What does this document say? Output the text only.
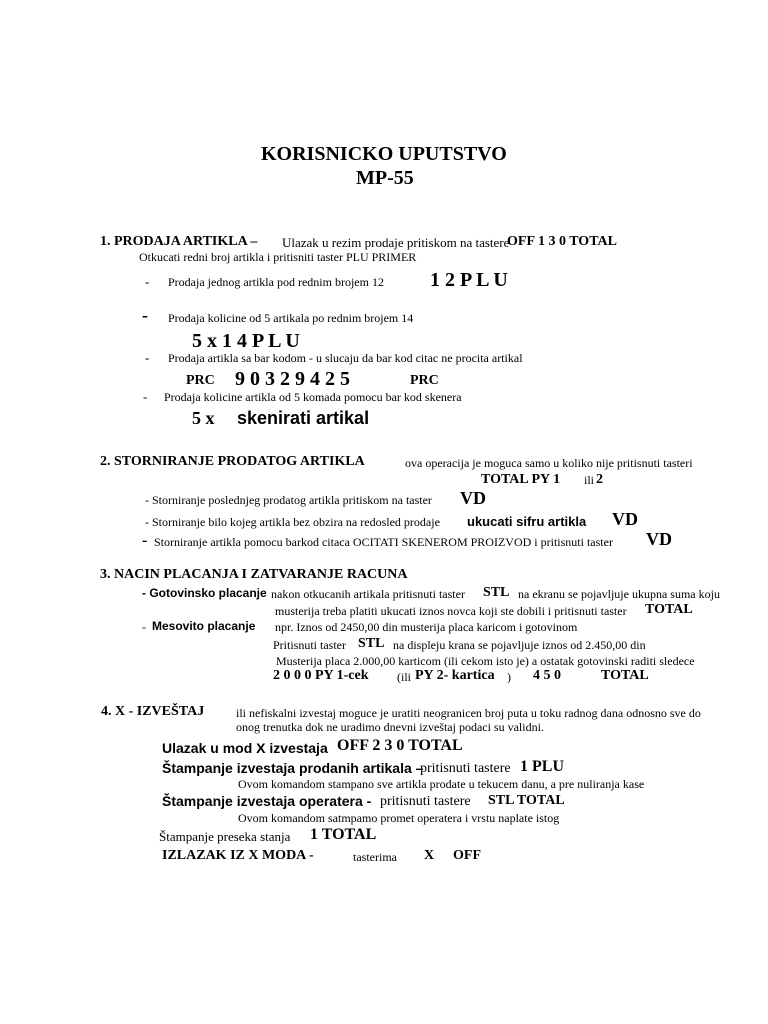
KORISNICKO UPUTSTVO
MP-55
1. PRODAJA ARTIKLA – Ulazak u rezim prodaje pritiskom na tastere
OFF 1 3 0 TOTAL
Otkucati redni broj artikla i pritisniti taster PLU PRIMER
- Prodaja jednog artikla pod rednim brojem 12 1 2 P L U
- Prodaja kolicine od 5 artikala po rednim brojem 14
5 x 1 4 P L U
- Prodaja artikla sa bar kodom - u slucaju da bar kod citac ne procita artikal
PRC 9 0 3 2 9 4 2 5	PRC
- Prodaja kolicine artikla od 5 komada pomocu bar kod skenera
5 x skenirati artikal
2. STORNIRANJE PRODATOG ARTIKLA	ova operacija je moguca samo u koliko nije pritisnuti tasteri
TOTAL PY 1 ili 2
- Storniranje poslednjeg prodatog artikla pritiskom na taster VD
- Storniranje bilo kojeg artikla bez obzira na redosled prodaje ukucati sifru artikla VD
- Storniranje artikla pomocu barkod citaca OCITATI SKENEROM PROIZVOD i pritisnuti taster VD
3. NACIN PLACANJA I ZATVARANJE RACUNA
- Gotovinsko placanje nakon otkucanih artikala pritisnuti taster STL na ekranu se pojavljuje ukupna suma koju
musterija treba platiti ukucati iznos novca koji ste dobili i pritisnuti taster TOTAL
- Mesovito placanje npr. Iznos od 2450,00 din musterija placa karicom i gotovinom
Pritisnuti taster STL na displeju krana se pojavljuje iznos od 2.450,00 din
Musterija placa 2.000,00 karticom (ili cekom isto je) a ostatak gotovinski raditi sledece
2 0 0 0 PY 1-cek (ili PY 2- kartica ) 4 5 0	TOTAL
4. X - IZVEŠTAJ	ili nefiskalni izvestaj moguce je uratiti neogranicen broj puta u toku radnog dana odnosno sve do
onog trenutka dok ne uradimo dnevni izveštaj podaci su validni.
Ulazak u mod X izvestaja OFF 2 3 0 TOTAL
Štampanje izvestaja prodanih artikala –
pritisnuti tastere 1 PLU
Ovom komandom stampano sve artikla prodate u tekucem danu, a pre nuliranja kase
Štampanje izvestaja operatera - pritisnuti tastere STL TOTAL
Ovom komandom satmpamo promet operatera i vrstu naplate istog
Štampanje preseka stanja 1 TOTAL
IZLAZAK IZ X MODA -	tasterima X OFF
